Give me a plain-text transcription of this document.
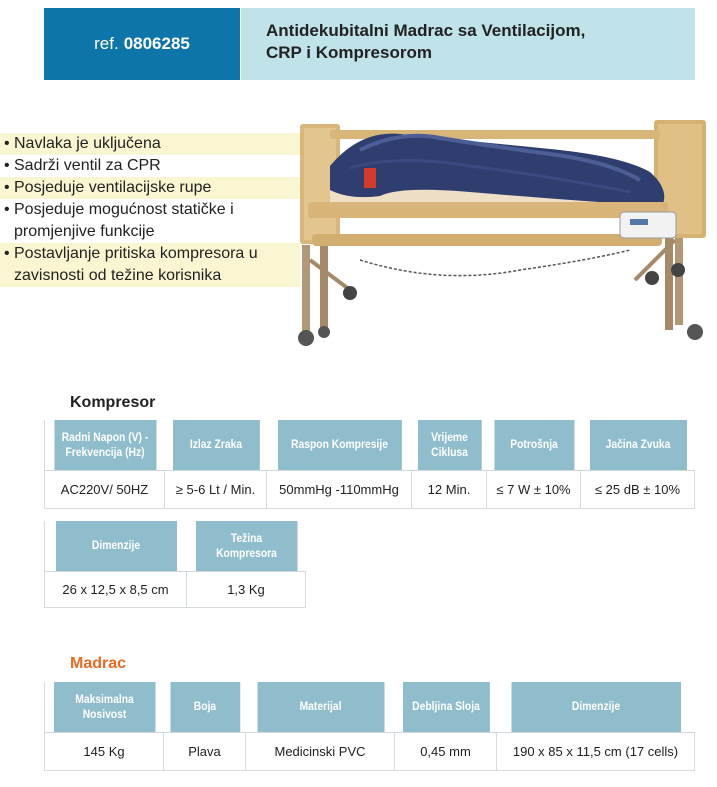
ref. 0806285
Antidekubitalni Madrac sa Ventilacijom,
CRP i Kompresorom
• Navlaka je uključena
• Sadrži ventil za CPR
• Posjeduje ventilacijske rupe
• Posjeduje mogućnost statičke i
promjenjive funkcije
• Postavljanje pritiska kompresora u
zavisnosti od težine korisnika
Kompresor
Radni Napon (V) - Frekvencija (Hz)	Izlaz Zraka	Raspon Kompresije	Vrijeme Ciklusa	Potrošnja	Jačina Zvuka
AC220V/ 50HZ	≥ 5-6 Lt / Min.	50mmHg -110mmHg	12 Min.	≤ 7 W ± 10%	≤ 25 dB ± 10%
Dimenzije	Težina Kompresora
26 x 12,5 x 8,5 cm	1,3 Kg
Madrac
Maksimalna Nosivost	Boja	Materijal	Debljina Sloja	Dimenzije
145 Kg	Plava	Medicinski PVC	0,45 mm	190 x 85 x 11,5 cm (17 cells)
